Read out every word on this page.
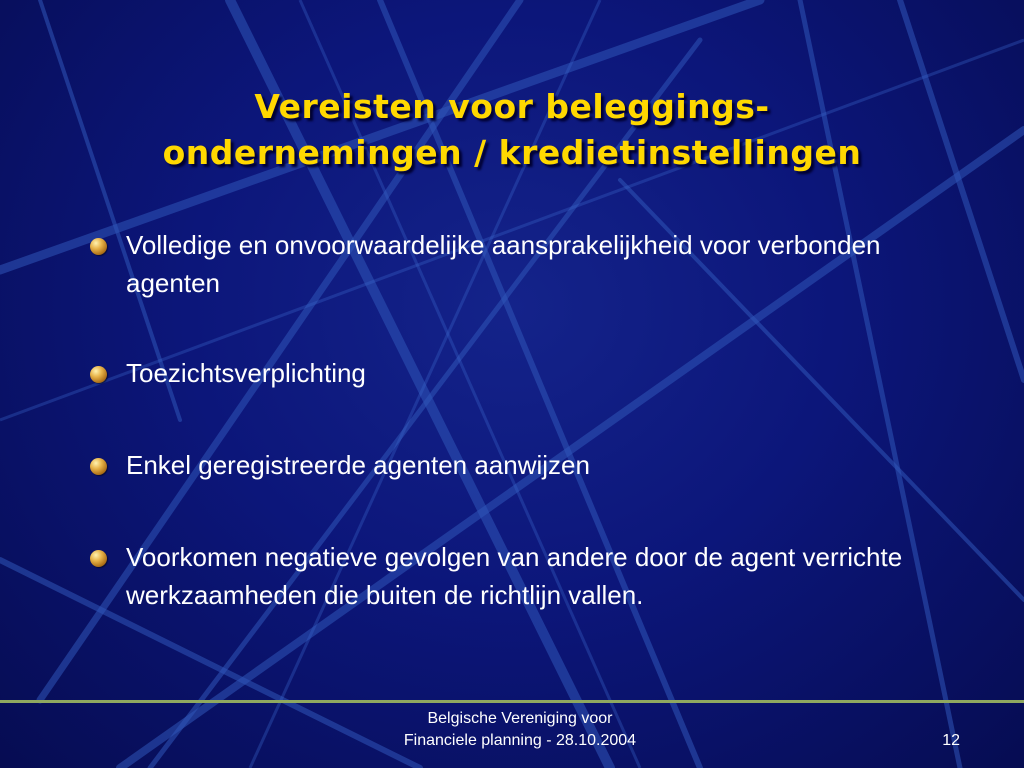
Vereisten voor beleggings-
ondernemingen / kredietinstellingen
Volledige en onvoorwaardelijke aansprakelijkheid voor verbonden agenten
Toezichtsverplichting
Enkel geregistreerde agenten aanwijzen
Voorkomen negatieve gevolgen van andere door de agent verrichte werkzaamheden die buiten de richtlijn vallen.
Belgische Vereniging voor
Financiele planning - 28.10.2004	12
